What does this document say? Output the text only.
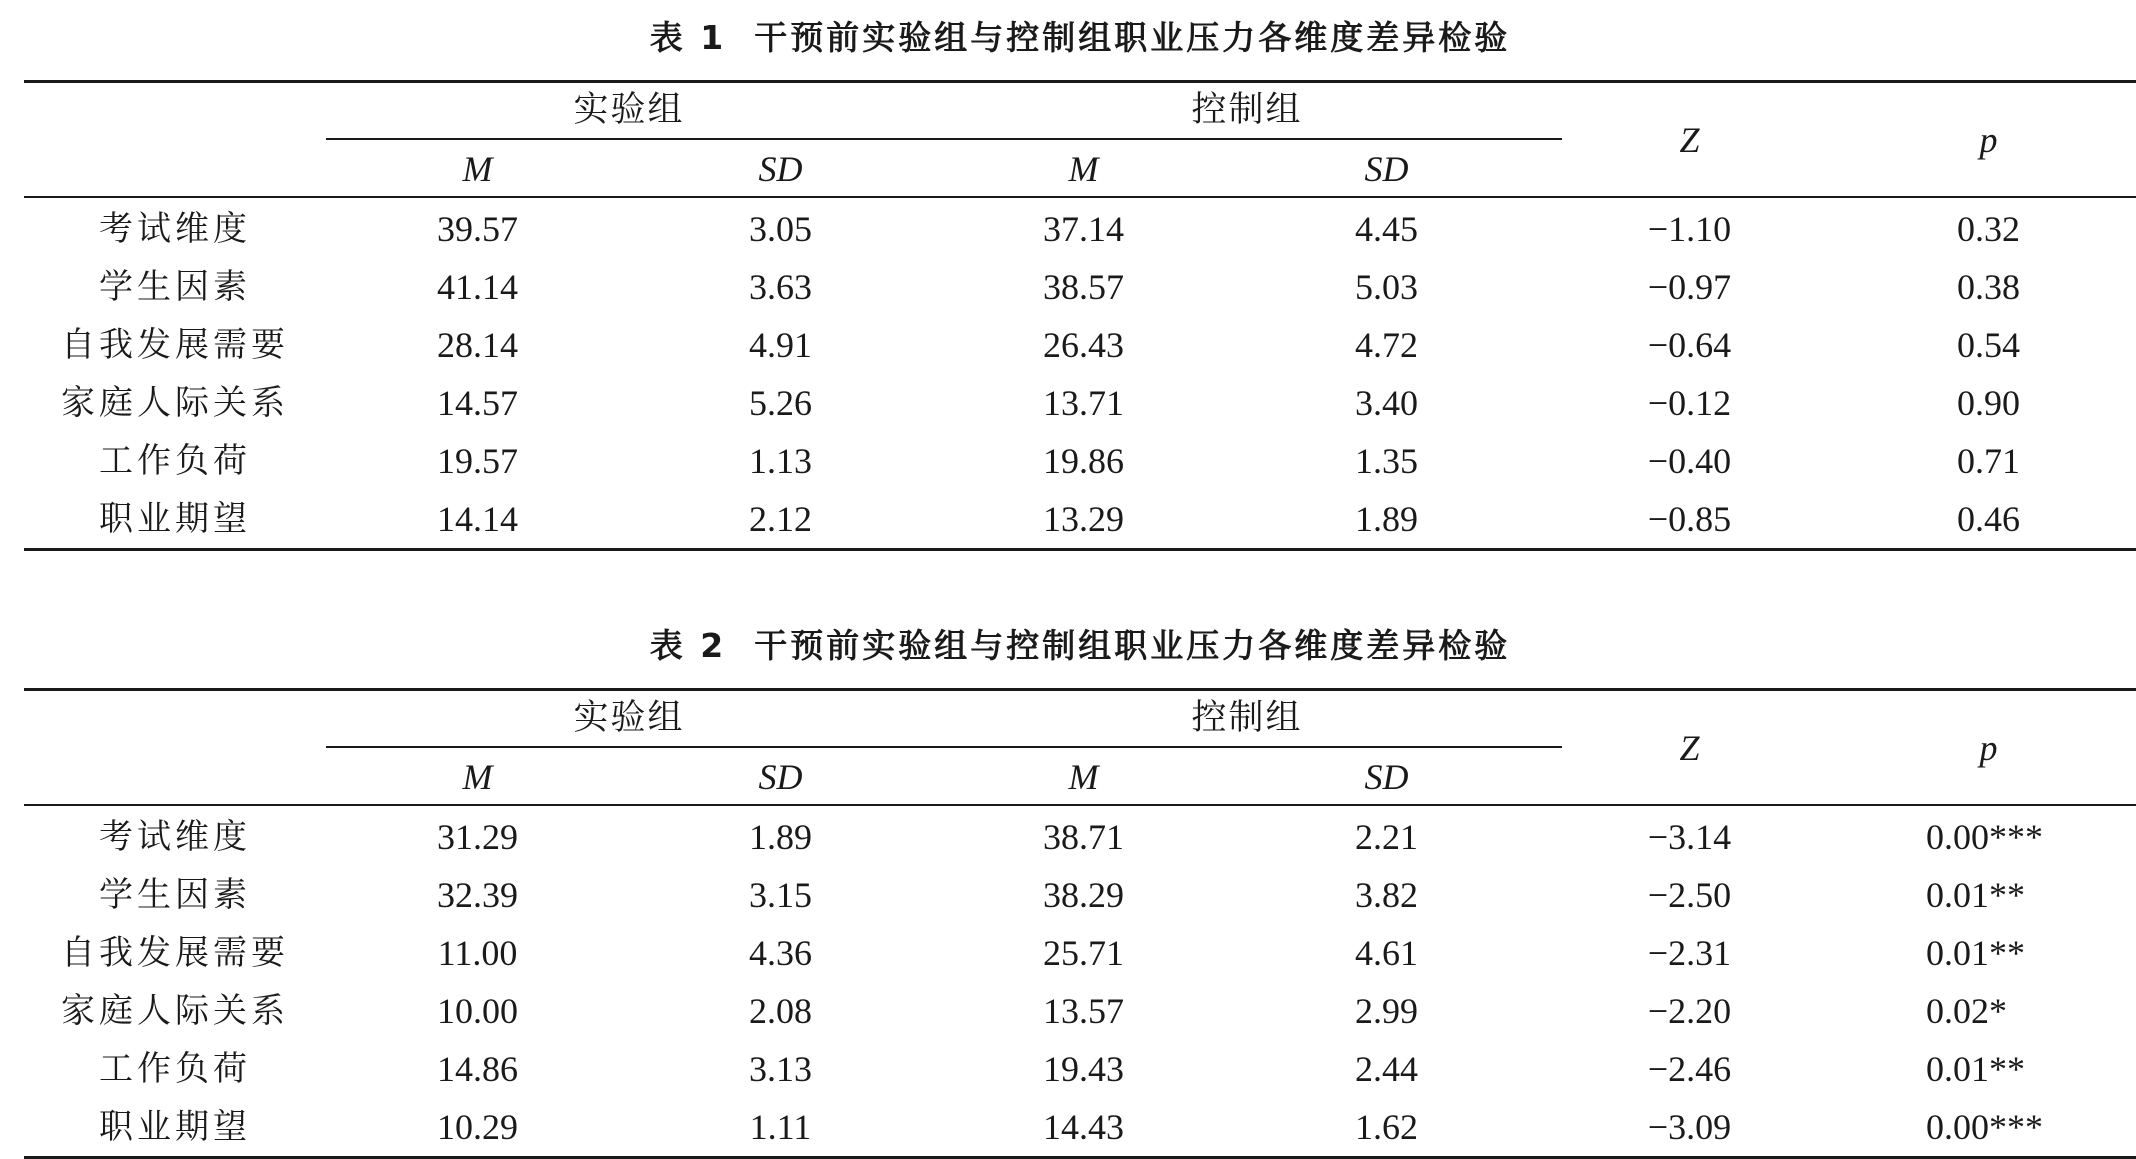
表 1 干预前实验组与控制组职业压力各维度差异检验
实验组	控制组
M	SD	M	SD
Z	p
考试维度	39.57	3.05	37.14	4.45	−1.10	0.32
学生因素	41.14	3.63	38.57	5.03	−0.97	0.38
自我发展需要	28.14	4.91	26.43	4.72	−0.64	0.54
家庭人际关系	14.57	5.26	13.71	3.40	−0.12	0.90
工作负荷	19.57	1.13	19.86	1.35	−0.40	0.71
职业期望	14.14	2.12	13.29	1.89	−0.85	0.46
表 2 干预前实验组与控制组职业压力各维度差异检验
实验组	控制组
M	SD	M	SD
Z	p
考试维度	31.29	1.89	38.71	2.21	−3.14	0.00***
学生因素	32.39	3.15	38.29	3.82	−2.50	0.01**
自我发展需要	11.00	4.36	25.71	4.61	−2.31	0.01**
家庭人际关系	10.00	2.08	13.57	2.99	−2.20	0.02*
工作负荷	14.86	3.13	19.43	2.44	−2.46	0.01**
职业期望	10.29	1.11	14.43	1.62	−3.09	0.00***
